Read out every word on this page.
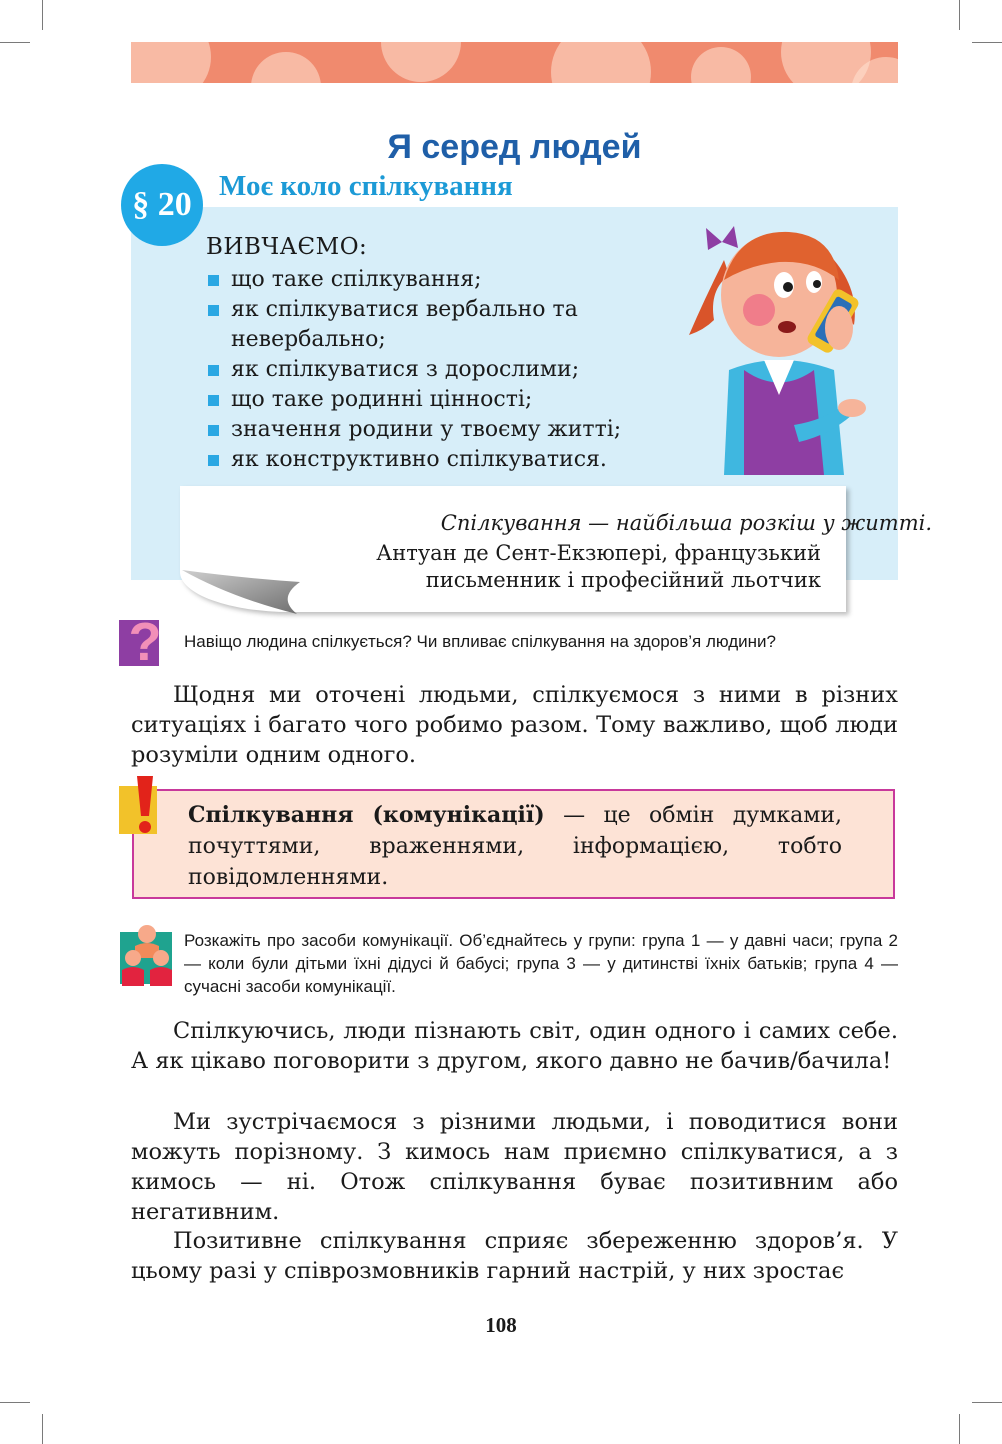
Я серед людей
§ 20 Моє коло спілкування
ВИВЧАЄМО:
що таке спілкування;
як спілкуватися вербально та невербально;
як спілкуватися з дорослими;
що таке родинні цінності;
значення родини у твоєму житті;
як конструктивно спілкуватися.
Спілкування — найбільша розкіш у житті.
Антуан де Сент-Екзюпері, французький
письменник і професійний льотчик
? Навіщо людина спілкується? Чи впливає спілкування на здоров’я людини?

Щодня ми оточені людьми, спілкуємося з ними в різних ситуаціях і багато чого робимо разом. Тому важливо, щоб люди розуміли одним одного.

Спілкування (комунікації) — це обмін думками, почуттями, враженнями, інформацією, тобто повідомленнями.

Розкажіть про засоби комунікації. Об’єднайтесь у групи: група 1 — у давні часи; група 2 — коли були дітьми їхні дідусі й бабусі; група 3 — у дитинстві їхніх батьків; група 4 — сучасні засоби комунікації.

Спілкуючись, люди пізнають світ, один одного і самих себе. А як цікаво поговорити з другом, якого давно не бачив/бачила!

Ми зустрічаємося з різними людьми, і поводитися вони можуть порізному. З кимось нам приємно спілкуватися, а з кимось — ні. Отож спілкування буває позитивним або негативним.

Позитивне спілкування сприяє збереженню здоров’я. У цьому разі у співрозмовників гарний настрій, у них зростає

108
